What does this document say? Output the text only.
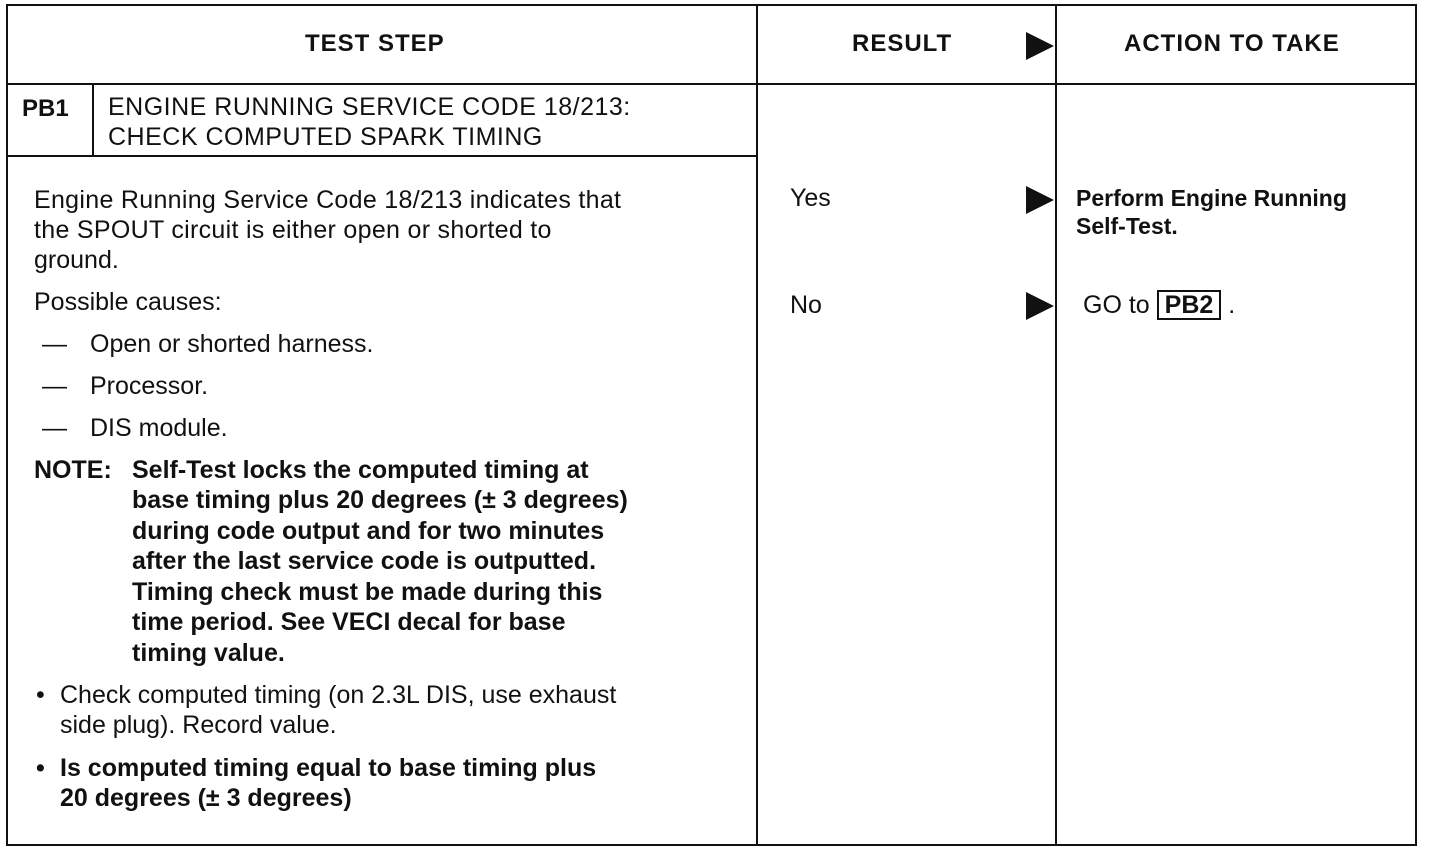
TEST STEP	RESULT	ACTION TO TAKE
PB1 ENGINE RUNNING SERVICE CODE 18/213:
CHECK COMPUTED SPARK TIMING
Engine Running Service Code 18/213 indicates that
the SPOUT circuit is either open or shorted to
ground.
Possible causes:
— Open or shorted harness.
— Processor.
— DIS module.
NOTE: Self-Test locks the computed timing at
base timing plus 20 degrees (± 3 degrees)
during code output and for two minutes
after the last service code is outputted.
Timing check must be made during this
time period. See VECI decal for base
timing value.
• Check computed timing (on 2.3L DIS, use exhaust
side plug). Record value.
• Is computed timing equal to base timing plus
20 degrees (± 3 degrees)
Yes	Perform Engine Running
Self-Test.
No	GO to PB2 .
